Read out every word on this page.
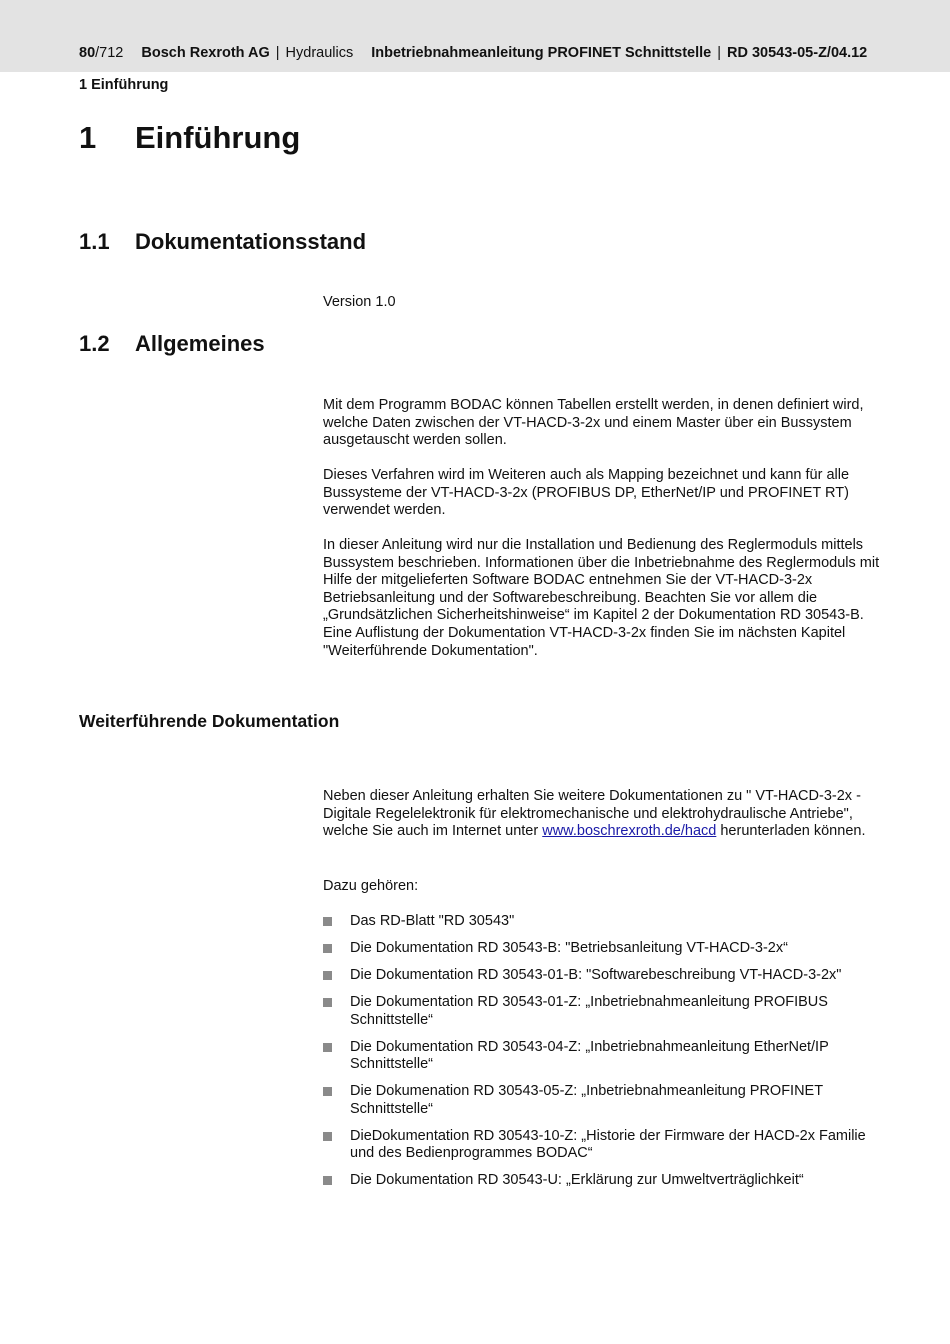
80/712 Bosch Rexroth AG | Hydraulics Inbetriebnahmeanleitung PROFINET Schnittstelle | RD 30543-05-Z/04.12
1 Einführung
1 Einführung
1.1 Dokumentationsstand
Version 1.0
1.2 Allgemeines
Mit dem Programm BODAC können Tabellen erstellt werden, in denen definiert wird, welche Daten zwischen der VT-HACD-3-2x und einem Master über ein Bussystem ausgetauscht werden sollen.
Dieses Verfahren wird im Weiteren auch als Mapping bezeichnet und kann für alle Bussysteme der VT-HACD-3-2x (PROFIBUS DP, EtherNet/IP und PROFINET RT) verwendet werden.
In dieser Anleitung wird nur die Installation und Bedienung des Reglermoduls mittels Bussystem beschrieben. Informationen über die Inbetriebnahme des Reglermoduls mit Hilfe der mitgelieferten Software BODAC entnehmen Sie der VT-HACD-3-2x Betriebsanleitung und der Softwarebeschreibung. Beachten Sie vor allem die „Grundsätzlichen Sicherheitshinweise“ im Kapitel 2 der Dokumentation RD 30543-B. Eine Auflistung der Dokumentation VT-HACD-3-2x finden Sie im nächsten Kapitel "Weiterführende Dokumentation".
Weiterführende Dokumentation
Neben dieser Anleitung erhalten Sie weitere Dokumentationen zu " VT-HACD-3-2x - Digitale Regelelektronik für elektromechanische und elektrohydraulische Antriebe", welche Sie auch im Internet unter www.boschrexroth.de/hacd herunterladen können.
Dazu gehören:
Das RD-Blatt "RD 30543"
Die Dokumentation RD 30543-B: "Betriebsanleitung VT-HACD-3-2x“
Die Dokumentation RD 30543-01-B: "Softwarebeschreibung VT-HACD-3-2x"
Die Dokumentation RD 30543-01-Z: „Inbetriebnahmeanleitung PROFIBUS Schnittstelle“
Die Dokumentation RD 30543-04-Z: „Inbetriebnahmeanleitung EtherNet/IP Schnittstelle“
Die Dokumenation RD 30543-05-Z: „Inbetriebnahmeanleitung PROFINET Schnittstelle“
DieDokumentation RD 30543-10-Z: „Historie der Firmware der HACD-2x Familie und des Bedienprogrammes BODAC“
Die Dokumentation RD 30543-U: „Erklärung zur Umweltverträglichkeit“
